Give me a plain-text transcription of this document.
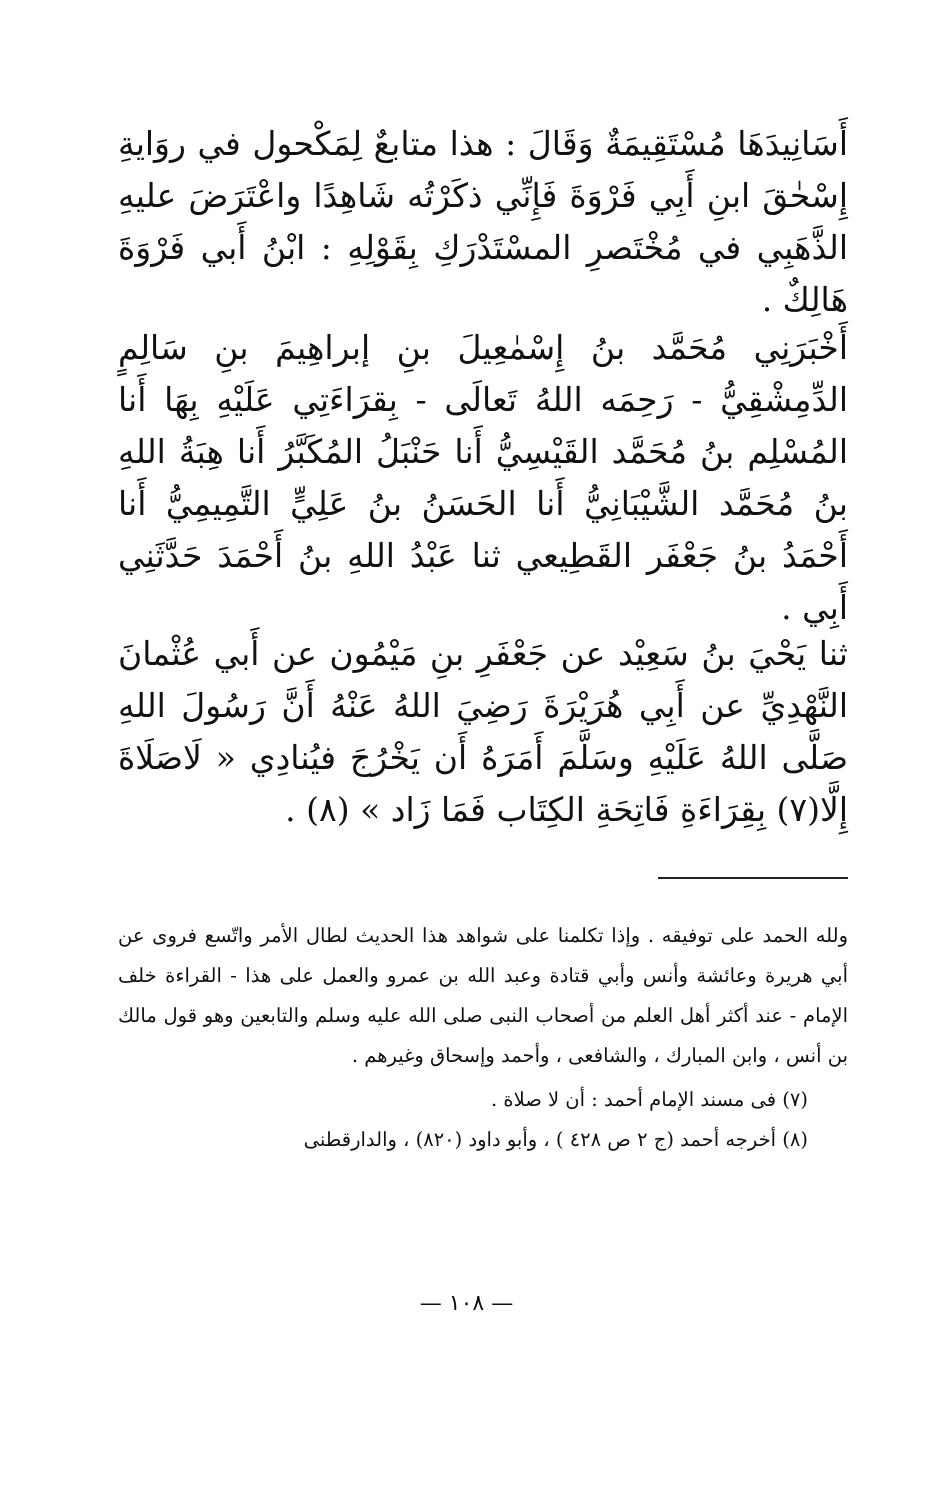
أَسَانِيدَهَا مُسْتَقِيمَةٌ وَقَالَ : هذا متابعٌ لِمَكْحول في روَايةِ إِسْحٰقَ ابنِ أَبِي فَرْوَةَ فَإِنِّي ذكَرْتُه شَاهِدًا واعْتَرَضَ عليهِ الذَّهَبِي في مُخْتَصرِ المسْتَدْرَكِ بِقَوْلِهِ : ابْنُ أَبي فَرْوَةَ هَالِكٌ .

أَخْبَرَنِي مُحَمَّد بنُ إِسْمٰعِيلَ بنِ إبراهِيمَ بنِ سَالِمٍ الدِّمِشْقِيُّ - رَحِمَه اللهُ تَعالَى - بِقرَاءَتِي عَلَيْهِ بِهَا أَنا المُسْلِم بنُ مُحَمَّد القَيْسِيُّ أَنا حَنْبَلُ المُكَبَّرُ أَنا هِبَةُ اللهِ بنُ مُحَمَّد الشَّيْبَانِيُّ أَنا الحَسَنُ بنُ عَلِيٍّ التَّمِيمِيُّ أَنا أَحْمَدُ بنُ جَعْفَر القَطِيعي ثنا عَبْدُ اللهِ بنُ أَحْمَدَ حَدَّثَنِي أَبِي .

ثنا يَحْيَ بنُ سَعِيْد عن جَعْفَرِ بنِ مَيْمُون عن أَبي عُثْمانَ النَّهْدِيِّ عن أَبِي هُرَيْرَةَ رَضِيَ اللهُ عَنْهُ أَنَّ رَسُولَ اللهِ صَلَّى اللهُ عَلَيْهِ وسَلَّمَ أَمَرَهُ أَن يَخْرُجَ فيُنادِي « لَاصَلَاةَ إِلَّا(٧) بِقِرَاءَةِ فَاتِحَةِ الكِتَاب فَمَا زَاد » (٨) .

ولله الحمد على توفيقه . وإذا تكلمنا على شواهد هذا الحديث لطال الأمر واتّسع فروى عن أبي هريرة وعائشة وأنس وأبي قتادة وعبد الله بن عمرو والعمل على هذا - القراءة خلف الإمام - عند أكثر أهل العلم من أصحاب النبى صلى الله عليه وسلم والتابعين وهو قول مالك بن أنس ، وابن المبارك ، والشافعى ، وأحمد وإسحاق وغيرهم .

(٧) فى مسند الإمام أحمد : أن لا صلاة .

(٨) أخرجه أحمد (ج ٢ ص ٤٢٨ ) ، وأبو داود (٨٢٠) ، والدارقطنى

— ١٠٨ —
